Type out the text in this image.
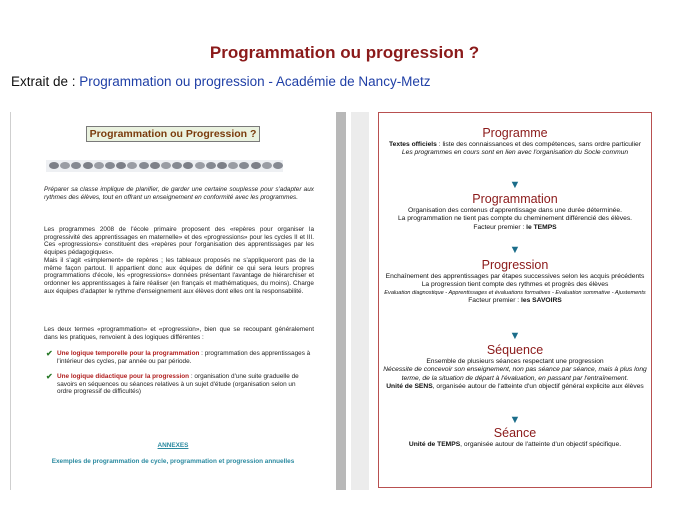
Programmation ou progression ?
Extrait de : Programmation ou progression - Académie de Nancy-Metz
Programmation ou Progression ?

Préparer sa classe implique de planifier, de garder une certaine souplesse pour s'adapter aux rythmes des élèves, tout en offrant un enseignement en conformité avec les programmes.

Les programmes 2008 de l'école primaire proposent des «repères pour organiser la progressivité des apprentissages en maternelle» et des «progressions» pour les cycles II et III. Ces «progressions» constituent des «repères pour l'organisation des apprentissages par les équipes pédagogiques».

Mais il s'agit «simplement» de repères ; les tableaux proposés ne s'appliqueront pas de la même façon partout. Il appartient donc aux équipes de définir ce qui sera leurs propres programmations d'école, les «progressions» données présentant l'avantage de hiérarchiser et ordonner les apprentissages à faire réaliser (en français et mathématiques, du moins). Charge aux équipes d'adapter le rythme d'enseignement aux élèves dont elles ont la responsabilité.

Les deux termes «programmation» et «progression», bien que se recoupant généralement dans les pratiques, renvoient à des logiques différentes :

✔ Une logique temporelle pour la programmation : programmation des apprentissages à l'intérieur des cycles, par année ou par période.
✔ Une logique didactique pour la progression : organisation d'une suite graduelle de savoirs en séquences ou séances relatives à un sujet d'étude (organisation selon un ordre progressif de difficultés)
ANNEXES
Exemples de programmation de cycle, programmation et progression annuelles
Programme
Textes officiels : liste des connaissances et des compétences, sans ordre particulier
Les programmes en cours sont en lien avec l'organisation du Socle commun
▼
Programmation
Organisation des contenus d'apprentissage dans une durée déterminée.
La programmation ne tient pas compte du cheminement différencié des élèves.
Facteur premier : le TEMPS
▼
Progression
Enchaînement des apprentissages par étapes successives selon les acquis précédents
La progression tient compte des rythmes et progrès des élèves
Evaluation diagnostique - Apprentissages et évaluations formatives - Evaluation sommative - Ajustements
Facteur premier : les SAVOIRS
▼
Séquence
Ensemble de plusieurs séances respectant une progression
Nécessite de concevoir son enseignement, non pas séance par séance, mais à plus long terme, de la situation de départ à l'évaluation, en passant par l'entraînement.
Unité de SENS, organisée autour de l'atteinte d'un objectif général explicite aux élèves
▼
Séance
Unité de TEMPS, organisée autour de l'atteinte d'un objectif spécifique.
